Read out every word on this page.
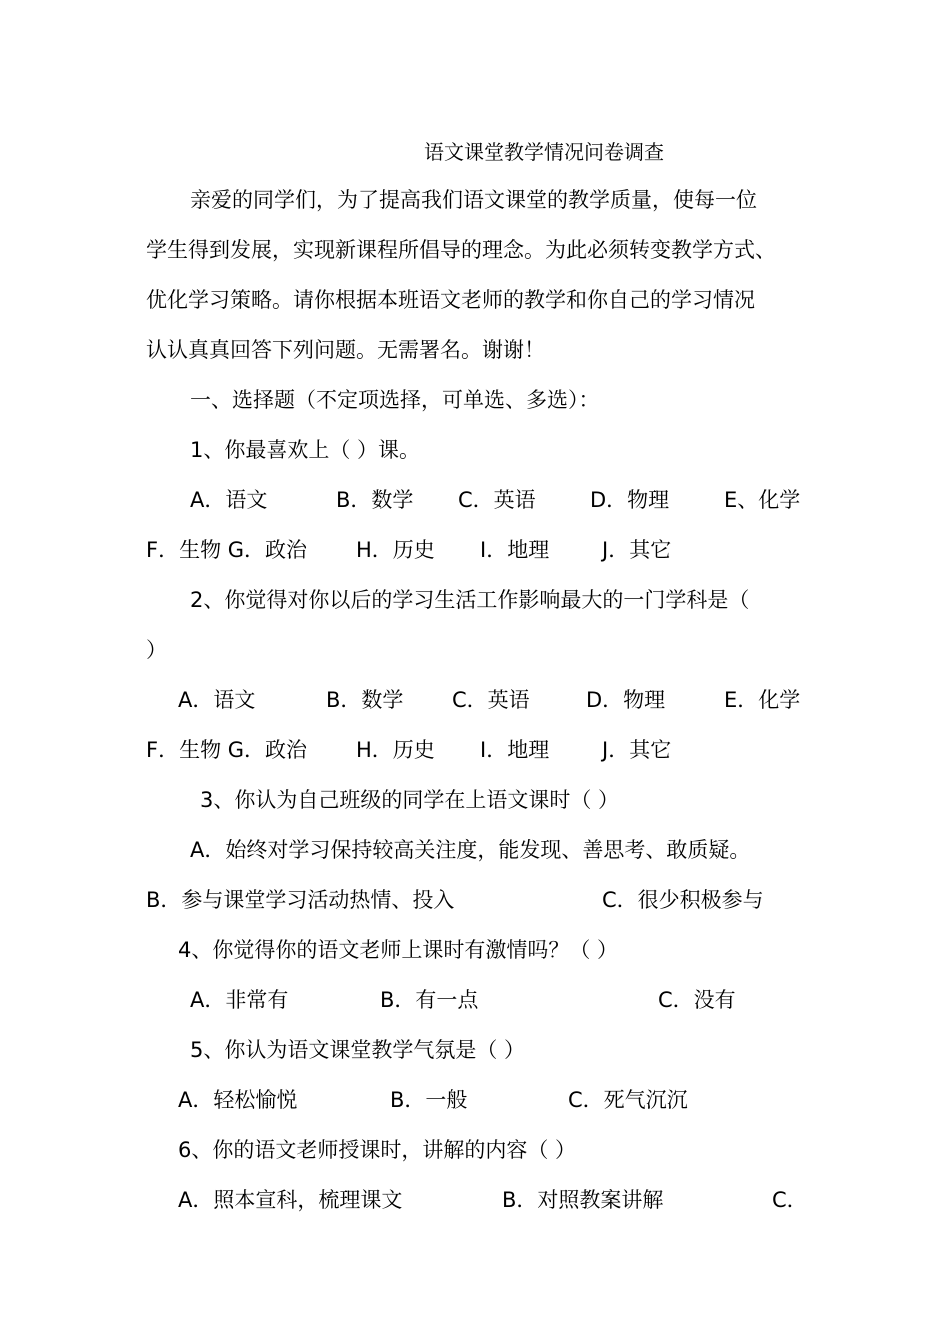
语文课堂教学情况问卷调查
亲爱的同学们，为了提高我们语文课堂的教学质量，使每一位
学生得到发展，实现新课程所倡导的理念。为此必须转变教学方式、
优化学习策略。请你根据本班语文老师的教学和你自己的学习情况
认认真真回答下列问题。无需署名。谢谢！
一、选择题（不定项选择，可单选、多选）：
1、你最喜欢上（ ）课。
A．语文	B．数学 C．英语	D．物理	E、化学
F．生物 G．政治 H．历史 I．地理	J．其它
2、你觉得对你以后的学习生活工作影响最大的一门学科是（
）
A．语文	B．数学 C．英语	D．物理	E．化学
F．生物 G．政治 H．历史 I．地理	J．其它
3、你认为自己班级的同学在上语文课时（ ）
A．始终对学习保持较高关注度，能发现、善思考、敢质疑。
B．参与课堂学习活动热情、投入	C．很少积极参与
4、你觉得你的语文老师上课时有激情吗？（ ）
A．非常有	B．有一点	C．没有
5、你认为语文课堂教学气氛是（ ）
A．轻松愉悦	B．一般	C．死气沉沉
6、你的语文老师授课时，讲解的内容（ ）
A．照本宣科，梳理课文	B．对照教案讲解	C．
